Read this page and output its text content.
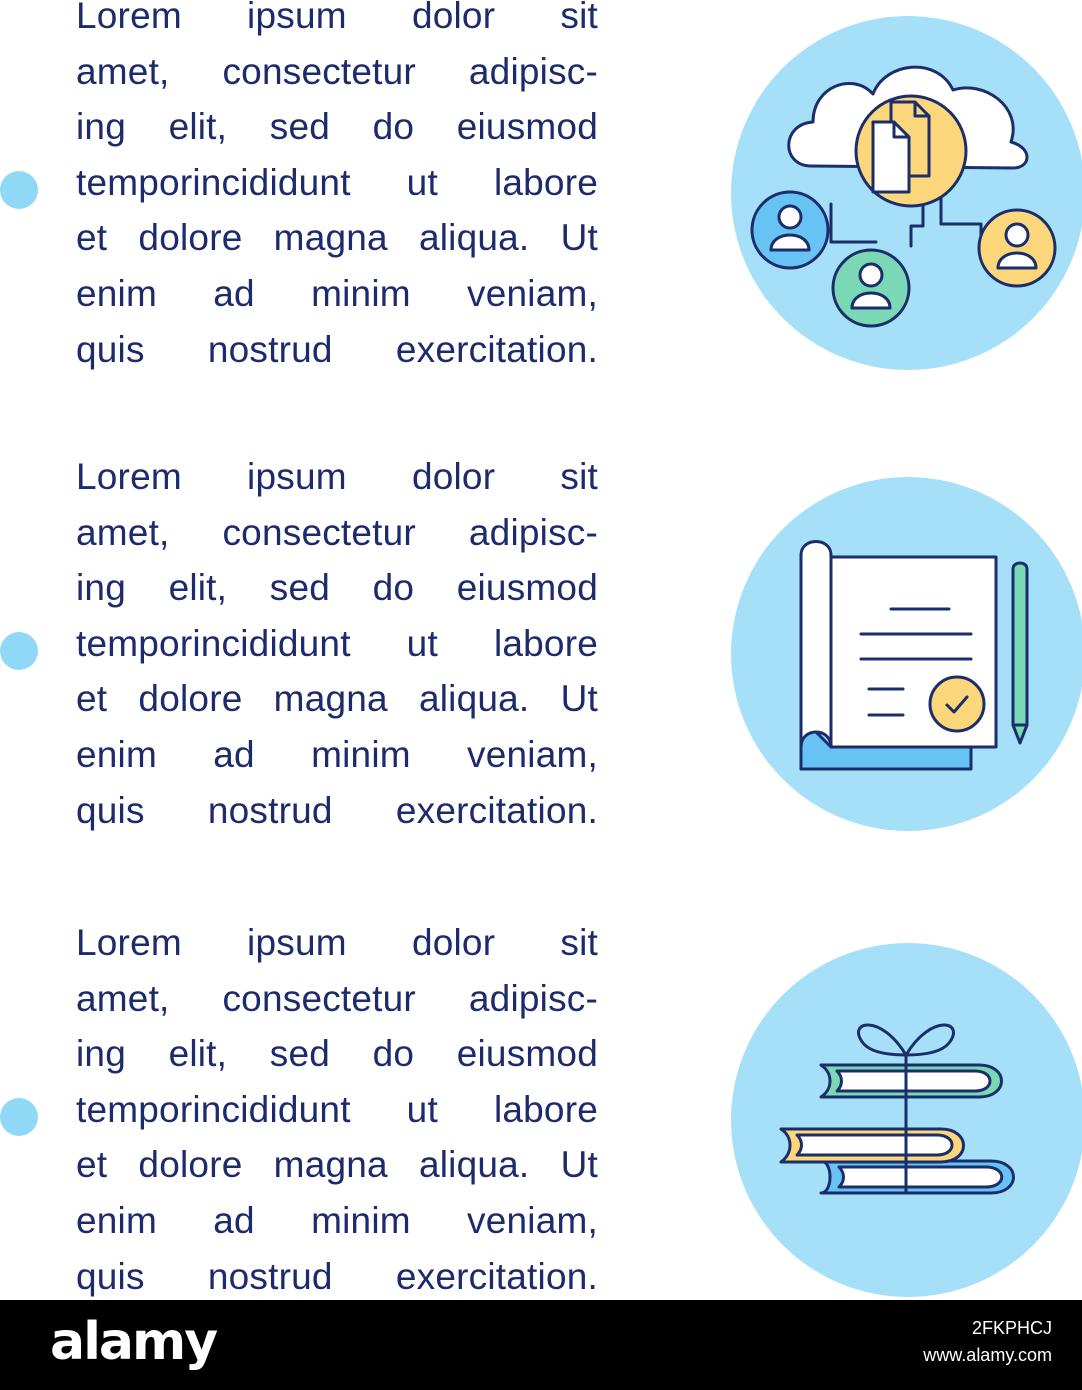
Lorem ipsum dolor sit
amet, consectetur adipisc-
ing elit, sed do eiusmod
temporincididunt ut labore
et dolore magna aliqua. Ut
enim ad minim veniam,
quis nostrud exercitation.

Lorem ipsum dolor sit
amet, consectetur adipisc-
ing elit, sed do eiusmod
temporincididunt ut labore
et dolore magna aliqua. Ut
enim ad minim veniam,
quis nostrud exercitation.

Lorem ipsum dolor sit
amet, consectetur adipisc-
ing elit, sed do eiusmod
temporincididunt ut labore
et dolore magna aliqua. Ut
enim ad minim veniam,
quis nostrud exercitation.

alamy	2FKPHCJ
www.alamy.com
